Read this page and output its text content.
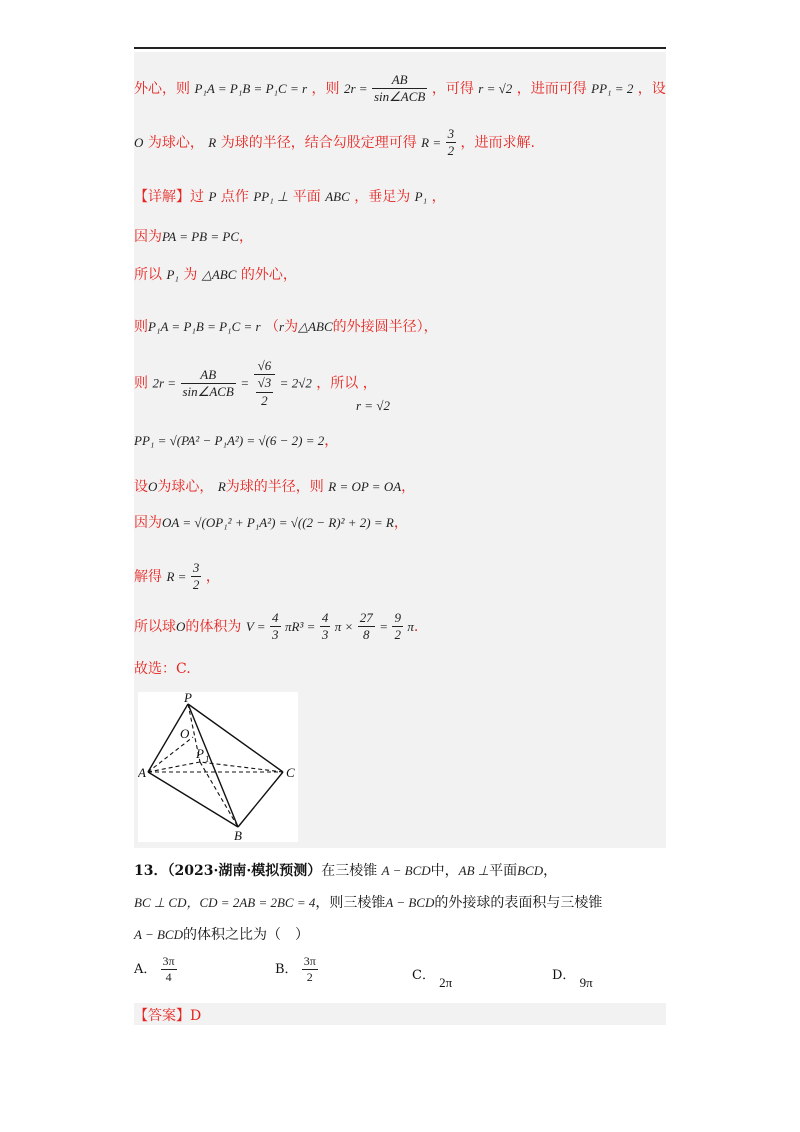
外心，则 P₁A = P₁B = P₁C = r ，则 $2r = \frac{AB}{\text{sin∠ACB}}$ ，可得 r = √2 ，进而可得 PP₁ = 2 ，设
O 为球心， R 为球的半径，结合勾股定理可得 $R = \frac{3}{2}$ ，进而求解.
【详解】过 P 点作 PP₁ ⊥ 平面 ABC ，垂足为 P₁ ，
因为PA = PB = PC，
所以 P₁ 为 △ABC 的外心，
则P₁A = P₁B = P₁C = r （r为△ABC的外接圆半径），
则 $2r = \frac{AB}{\text{sin∠ACB}} = \frac{√6}{\frac{√3}{2}} = 2√2$ ，所以 ，
r = √2
PP₁ = √(PA² − P₁A²) = √(6 − 2) = 2，
设O为球心， R为球的半径，则 R = OP = OA，
因为OA = √(OP₁² + P₁A²) = √((2 − R)² + 2) = R，
解得 $R = \frac{3}{2}$ ，
所以球O的体积为 $V = \frac{4}{3} \pi R^3 = \frac{4}{3}$ $\pi \times \frac{27}{8} = \frac{9}{2} \pi$.
故选：C.
P
O
P 1
A	C
B
13．（2023·湖南·模拟预测）在三棱锥 A − BCD中，AB ⊥平面BCD，
BC ⊥ CD，CD = 2AB = 2BC = 4，则三棱锥A − BCD的外接球的表面积与三棱锥
A − BCD的体积之比为（　）
A． $\frac{3\pi}{4}$	B． $\frac{3\pi}{2}$	C． 2π	D． 9π
【答案】D
